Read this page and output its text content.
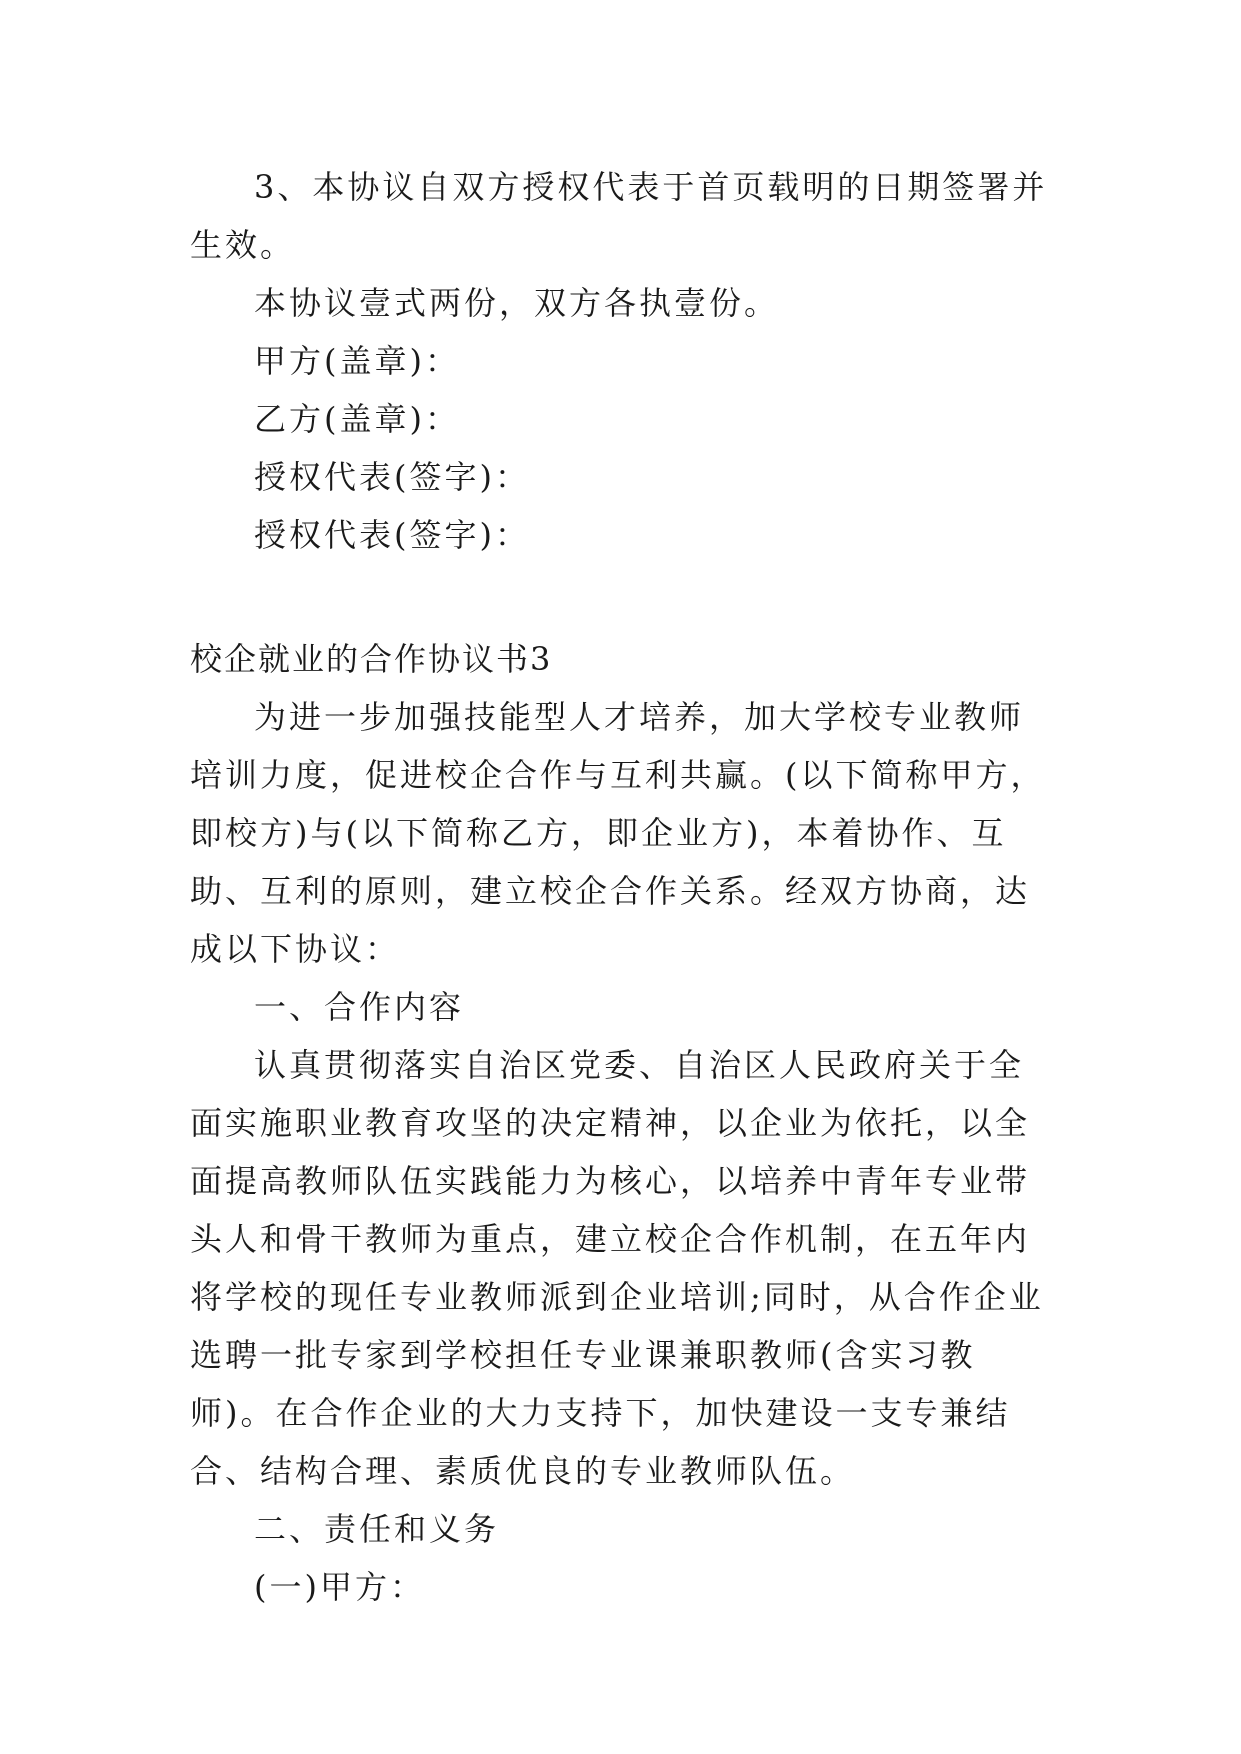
3、本协议自双方授权代表于首页载明的日期签署并生效。

本协议壹式两份，双方各执壹份。

甲方(盖章)：

乙方(盖章)：

授权代表(签字)：

授权代表(签字)：

校企就业的合作协议书3

为进一步加强技能型人才培养，加大学校专业教师培训力度，促进校企合作与互利共赢。(以下简称甲方，即校方)与(以下简称乙方，即企业方)，本着协作、互助、互利的原则，建立校企合作关系。经双方协商，达成以下协议：

一、合作内容

认真贯彻落实自治区党委、自治区人民政府关于全面实施职业教育攻坚的决定精神，以企业为依托，以全面提高教师队伍实践能力为核心，以培养中青年专业带头人和骨干教师为重点，建立校企合作机制，在五年内将学校的现任专业教师派到企业培训;同时，从合作企业选聘一批专家到学校担任专业课兼职教师(含实习教师)。在合作企业的大力支持下，加快建设一支专兼结合、结构合理、素质优良的专业教师队伍。

二、责任和义务

(一)甲方：
